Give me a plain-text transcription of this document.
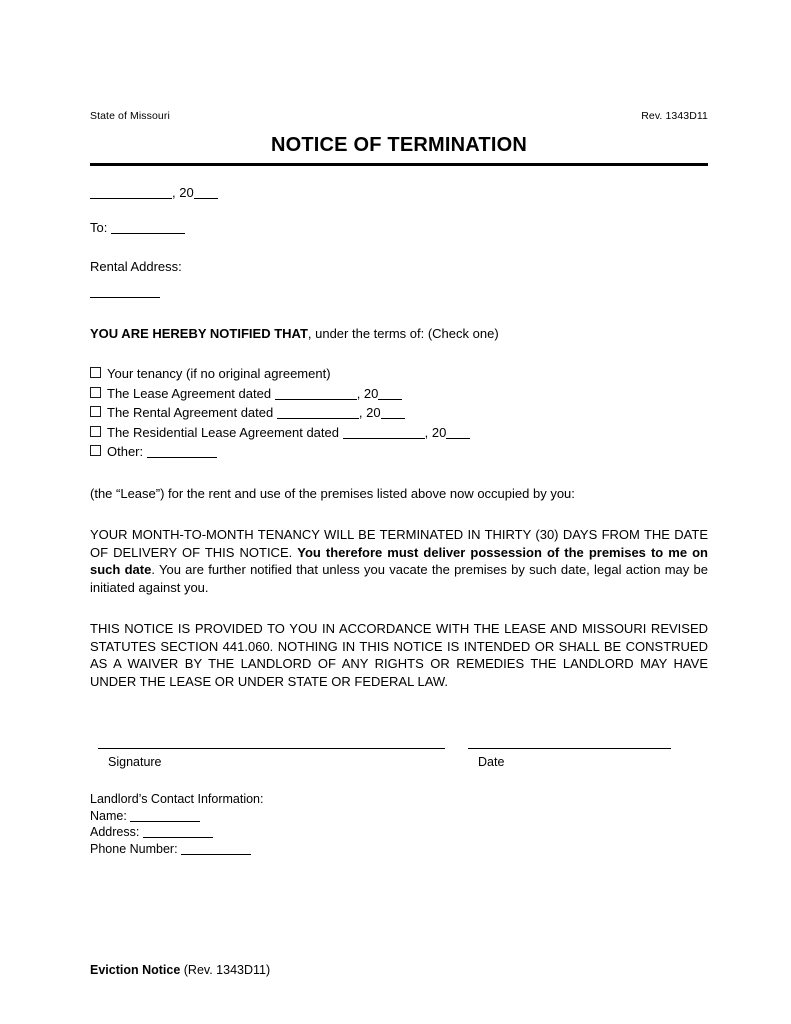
State of Missouri	Rev. 1343D11
NOTICE OF TERMINATION
, 20
To:
Rental Address:
YOU ARE HEREBY NOTIFIED THAT, under the terms of: (Check one)
Your tenancy (if no original agreement)
The Lease Agreement dated	, 20
The Rental Agreement dated	, 20
The Residential Lease Agreement dated	, 20
Other:
(the “Lease”) for the rent and use of the premises listed above now occupied by you:
YOUR MONTH-TO-MONTH TENANCY WILL BE TERMINATED IN THIRTY (30) DAYS FROM THE DATE OF DELIVERY OF THIS NOTICE. You therefore must deliver possession of the premises to me on such date. You are further notified that unless you vacate the premises by such date, legal action may be initiated against you.
THIS NOTICE IS PROVIDED TO YOU IN ACCORDANCE WITH THE LEASE AND MISSOURI REVISED STATUTES SECTION 441.060. NOTHING IN THIS NOTICE IS INTENDED OR SHALL BE CONSTRUED AS A WAIVER BY THE LANDLORD OF ANY RIGHTS OR REMEDIES THE LANDLORD MAY HAVE UNDER THE LEASE OR UNDER STATE OR FEDERAL LAW.
Signature	Date
Landlord’s Contact Information:
Name:
Address:
Phone Number:
Eviction Notice (Rev. 1343D11)
